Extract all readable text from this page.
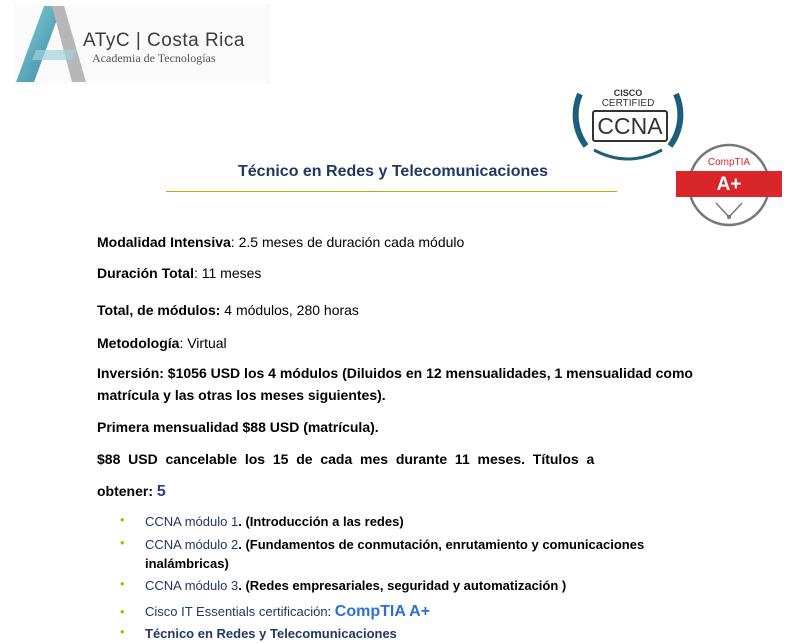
ATyC | Costa Rica
Academia de Tecnologías
CISCO
CERTIFIED
CCNA
CompTIA
A+
Técnico en Redes y Telecomunicaciones
Modalidad Intensiva: 2.5 meses de duración cada módulo
Duración Total: 11 meses
Total, de módulos: 4 módulos, 280 horas
Metodología: Virtual
Inversión: $1056 USD los 4 módulos (Diluidos en 12 mensualidades, 1 mensualidad como
matrícula y las otras los meses siguientes).
Primera mensualidad $88 USD (matrícula).
$88  USD  cancelable  los  15  de  cada  mes  durante  11  meses.  Títulos  a
obtener: 5
• CCNA módulo 1. (Introducción a las redes)
• CCNA módulo 2. (Fundamentos de conmutación, enrutamiento y comunicaciones inalámbricas)
• CCNA módulo 3. (Redes empresariales, seguridad y automatización )
• Cisco IT Essentials certificación: CompTIA A+
• Técnico en Redes y Telecomunicaciones
